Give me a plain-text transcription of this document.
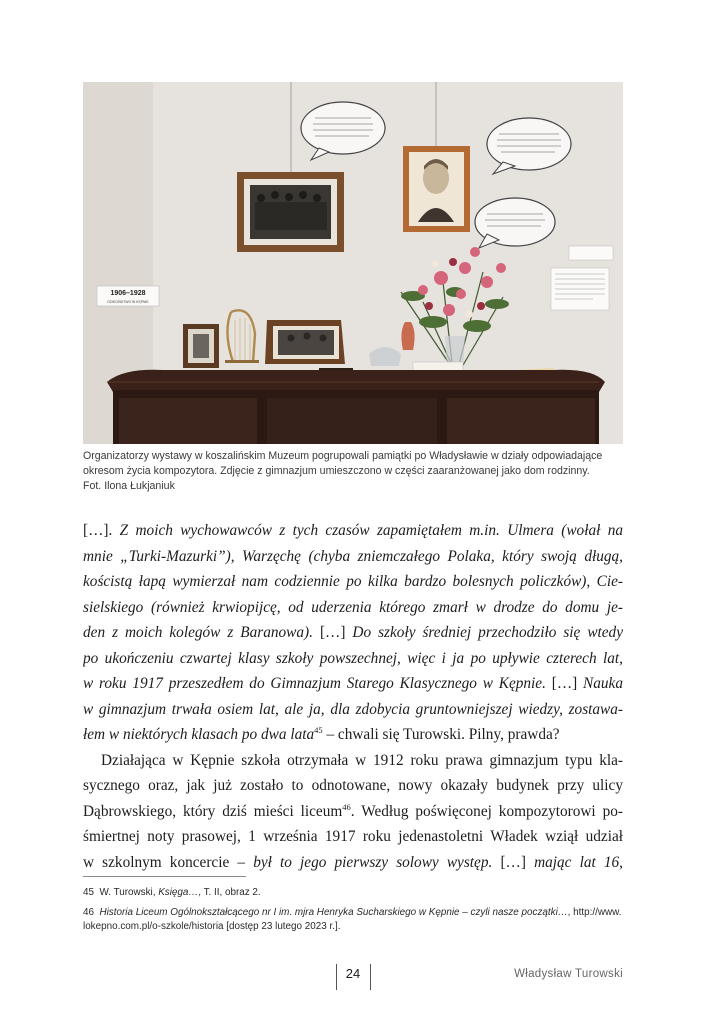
1906–1928
DZIECIŃSTWO W KĘPNIE

Organizatorzy wystawy w koszalińskim Muzeum pogrupowali pamiątki po Władysławie w działy odpowiadające
okresom życia kompozytora. Zdjęcie z gimnazjum umieszczono w części zaaranżowanej jako dom rodzinny.
Fot. Ilona Łukjaniuk

[…]. Z moich wychowawców z tych czasów zapamiętałem m.in. Ulmera (wołał na
mnie „Turki-Mazurki”), Warzęchę (chyba zniemczałego Polaka, który swoją długą,
kościstą łapą wymierzał nam codziennie po kilka bardzo bolesnych policzków), Cie-
sielskiego (również krwiopijcę, od uderzenia którego zmarł w drodze do domu je-
den z moich kolegów z Baranowa). […] Do szkoły średniej przechodziło się wtedy
po ukończeniu czwartej klasy szkoły powszechnej, więc i ja po upływie czterech lat,
w roku 1917 przeszedłem do Gimnazjum Starego Klasycznego w Kępnie. […] Nauka
w gimnazjum trwała osiem lat, ale ja, dla zdobycia gruntowniejszej wiedzy, zostawa-
łem w niektórych klasach po dwa lata$^{45}$ – chwali się Turowski. Pilny, prawda?
Działająca w Kępnie szkoła otrzymała w 1912 roku prawa gimnazjum typu kla-
sycznego oraz, jak już zostało to odnotowane, nowy okazały budynek przy ulicy
Dąbrowskiego, który dziś mieści liceum$^{46}$. Według poświęconej kompozytorowi po-
śmiertnej noty prasowej, 1 września 1917 roku jedenastoletni Władek wziął udział
w szkolnym koncercie – był to jego pierwszy solowy występ. […] mając lat 16,
45 W. Turowski, Księga…, T. II, obraz 2.
46 Historia Liceum Ogólnokształcącego nr I im. mjra Henryka Sucharskiego w Kępnie – czyli nasze początki…, http://www.
lokepno.com.pl/o-szkole/historia [dostęp 23 lutego 2023 r.].
24	Władysław Turowski
